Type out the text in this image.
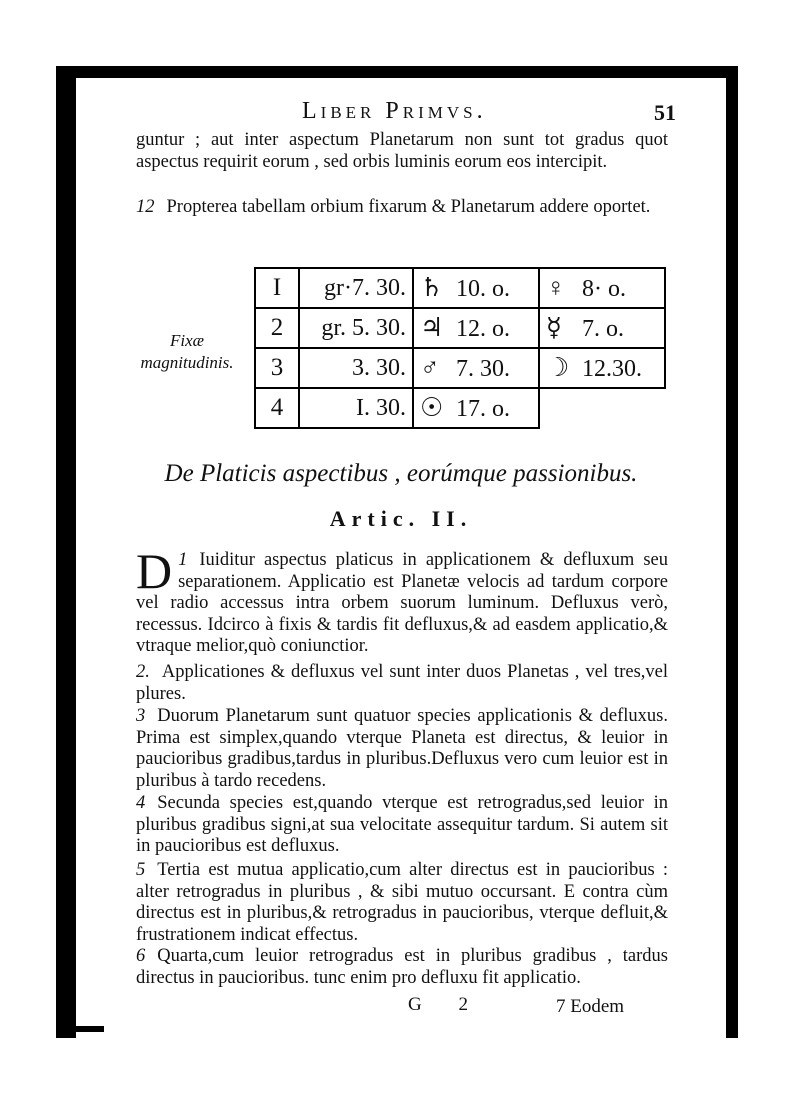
Liber Primvs.	51

guntur ; aut inter aspectum Planetarum non sunt tot gradus quot aspectus requirit eorum , sed orbis luminis eorum eos intercipit.

12 Propterea tabellam orbium fixarum & Planetarum addere oportet.

Fixæ magnitudinis.
I	gr·7. 30.	♄ 10. o.	♀ 8· o.
2	gr. 5. 30.	♃ 12. o.	☿ 7. o.
3	3. 30.	♂ 7. 30.	☽ 12.30.
4	I. 30.	☉ 17. o.	
De Platicis aspectibus , eorúmque passionibus.
Artic. II.

1
D Iuiditur aspectus platicus in applicationem & defluxum seu separationem. Applicatio est Planetæ velocis ad tardum corpore vel radio accessus intra orbem suorum luminum. Defluxus verò, recessus. Idcirco à fixis & tardis fit defluxus,& ad easdem applicatio,& vtraque melior,quò coniunctior.

2. Applicationes & defluxus vel sunt inter duos Planetas , vel tres,vel plures.

3 Duorum Planetarum sunt quatuor species applicationis & defluxus. Prima est simplex,quando vterque Planeta est directus, & leuior in paucioribus gradibus,tardus in pluribus.Defluxus vero cum leuior est in pluribus à tardo recedens.

4 Secunda species est,quando vterque est retrogradus,sed leuior in pluribus gradibus signi,at sua velocitate assequitur tardum. Si autem sit in paucioribus est defluxus.

5 Tertia est mutua applicatio,cum alter directus est in paucioribus : alter retrogradus in pluribus , & sibi mutuo occursant. E contra cùm directus est in pluribus,& retrogradus in paucioribus, vterque defluit,& frustrationem indicat effectus.

6 Quarta,cum leuior retrogradus est in pluribus gradibus , tardus directus in paucioribus. tunc enim pro defluxu fit applicatio.

G 2	7 Eodem
